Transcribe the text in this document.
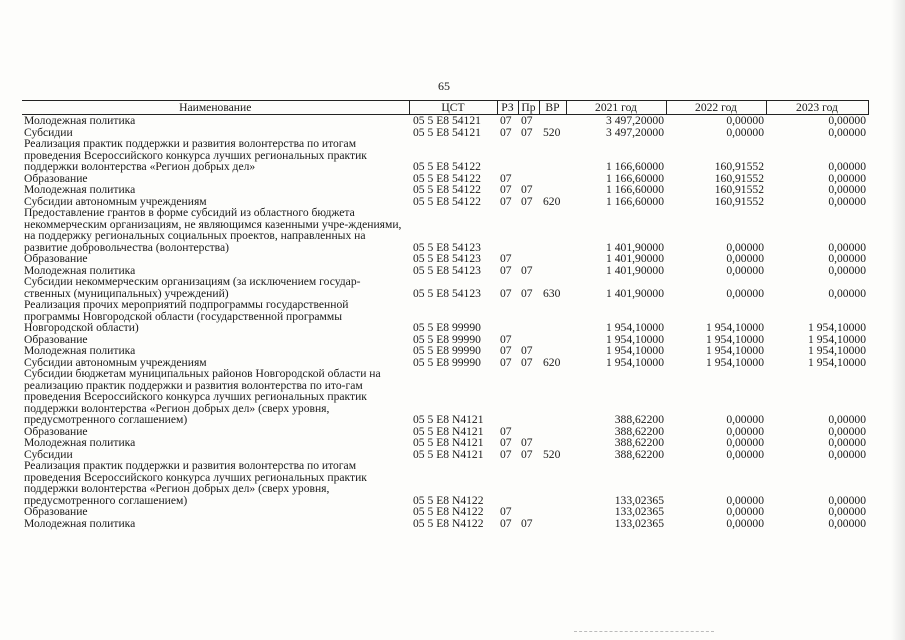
65
Наименование	ЦСТ	РЗ	Пр	ВР	2021 год	2022 год	2023 год
Молодежная политика	05 5 E8 54121	07	07		3 497,20000	0,00000	0,00000
Субсидии	05 5 E8 54121	07	07	520	3 497,20000	0,00000	0,00000
Реализация практик поддержки и развития волонтерства по итогам проведения Всероссийского конкурса лучших региональных практик поддержки волонтерства «Регион добрых дел»	05 5 E8 54122				1 166,60000	160,91552	0,00000
Образование	05 5 E8 54122	07			1 166,60000	160,91552	0,00000
Молодежная политика	05 5 E8 54122	07	07		1 166,60000	160,91552	0,00000
Субсидии автономным учреждениям	05 5 E8 54122	07	07	620	1 166,60000	160,91552	0,00000
Предоставление грантов в форме субсидий из областного бюджета некоммерческим организациям, не являющимся казенными учре-ждениями, на поддержку региональных социальных проектов, направленных на развитие добровольчества (волонтерства)	05 5 E8 54123				1 401,90000	0,00000	0,00000
Образование	05 5 E8 54123	07			1 401,90000	0,00000	0,00000
Молодежная политика	05 5 E8 54123	07	07		1 401,90000	0,00000	0,00000
Субсидии некоммерческим организациям (за исключением государ-ственных (муниципальных) учреждений)	05 5 E8 54123	07	07	630	1 401,90000	0,00000	0,00000
Реализация прочих мероприятий подпрограммы государственной программы Новгородской области (государственной программы Новгородской области)	05 5 E8 99990				1 954,10000	1 954,10000	1 954,10000
Образование	05 5 E8 99990	07			1 954,10000	1 954,10000	1 954,10000
Молодежная политика	05 5 E8 99990	07	07		1 954,10000	1 954,10000	1 954,10000
Субсидии автономным учреждениям	05 5 E8 99990	07	07	620	1 954,10000	1 954,10000	1 954,10000
Субсидии бюджетам муниципальных районов Новгородской области на реализацию практик поддержки и развития волонтерства по ито-гам проведения Всероссийского конкурса лучших региональных практик поддержки волонтерства «Регион добрых дел» (сверх уровня, предусмотренного соглашением)	05 5 E8 N4121				388,62200	0,00000	0,00000
Образование	05 5 E8 N4121	07			388,62200	0,00000	0,00000
Молодежная политика	05 5 E8 N4121	07	07		388,62200	0,00000	0,00000
Субсидии	05 5 E8 N4121	07	07	520	388,62200	0,00000	0,00000
Реализация практик поддержки и развития волонтерства по итогам проведения Всероссийского конкурса лучших региональных практик поддержки волонтерства «Регион добрых дел» (сверх уровня, предусмотренного соглашением)	05 5 E8 N4122				133,02365	0,00000	0,00000
Образование	05 5 E8 N4122	07			133,02365	0,00000	0,00000
Молодежная политика	05 5 E8 N4122	07	07		133,02365	0,00000	0,00000
